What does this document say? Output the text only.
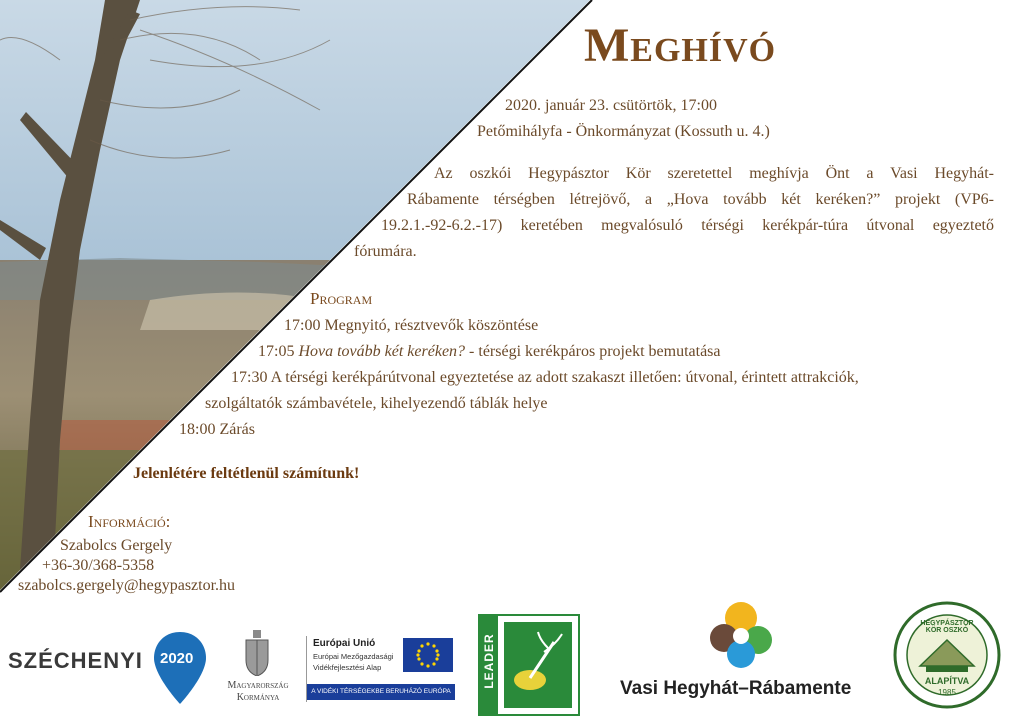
Meghívó
2020. január 23. csütörtök, 17:00
Petőmihályfa - Önkormányzat (Kossuth u. 4.)
Az oszkói Hegypásztor Kör szeretettel meghívja Önt a Vasi Hegyhát-
Rábamente térségben létrejövő, a „Hova tovább két keréken?” projekt (VP6-
19.2.1.-92-6.2.-17) keretében megvalósuló térségi kerékpár-túra útvonal egyeztető
fórumára.
Program
17:00 Megnyitó, résztvevők köszöntése
17:05 Hova tovább két keréken? - térségi kerékpáros projekt bemutatása
17:30 A térségi kerékpárútvonal egyeztetése az adott szakaszt illetően: útvonal, érintett attrakciók,
szolgáltatók számbavétele, kihelyezendő táblák helye
18:00 Zárás
Jelenlétére feltétlenül számítunk!
Információ:
Szabolcs Gergely
+36-30/368-5358
szabolcs.gergely@hegypasztor.hu
SZÉCHENYI 2020
Magyarország
Kormánya
Európai Unió
Európai Mezőgazdasági
Vidékfejlesztési Alap
A VIDÉKI TÉRSÉGEKBE BERUHÁZÓ EURÓPA
LEADER	Vasi Hegyhát–Rábamente
HEGYPÁSZTOR KÖR OSZKÓ
ALAPÍTVA
1985
